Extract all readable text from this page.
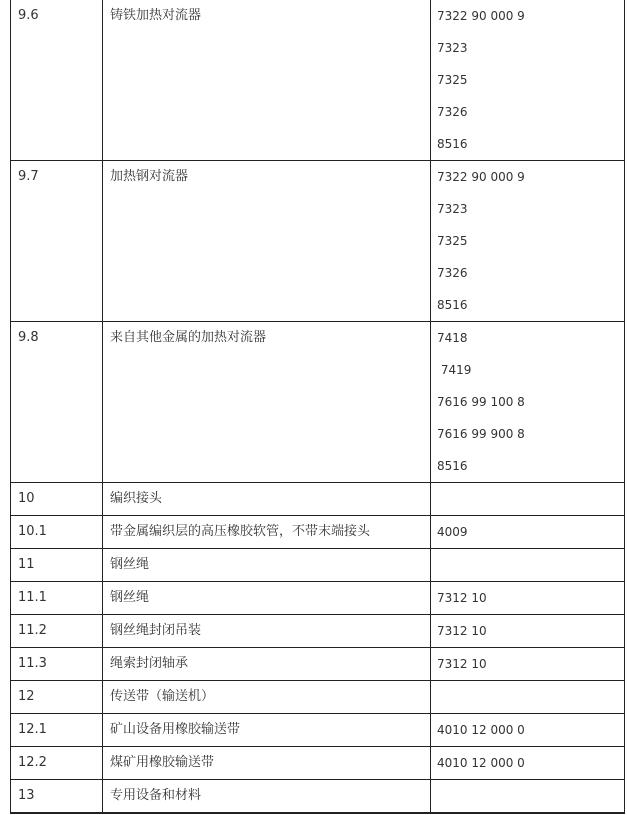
9.6	铸铁加热对流器	7322 90 000 9
7323
7325
7326
8516

9.7	加热钢对流器	7322 90 000 9
7323
7325
7326
8516

9.8	来自其他金属的加热对流器	7418
7419
7616 99 100 8
7616 99 900 8
8516

10	编织接头	

10.1	带金属编织层的高压橡胶软管，不带末端接头	4009

11	钢丝绳	

11.1	钢丝绳	7312 10

11.2	钢丝绳封闭吊装	7312 10

11.3	绳索封闭轴承	7312 10

12	传送带（输送机）	

12.1	矿山设备用橡胶输送带	4010 12 000 0

12.2	煤矿用橡胶输送带	4010 12 000 0

13	专用设备和材料	
